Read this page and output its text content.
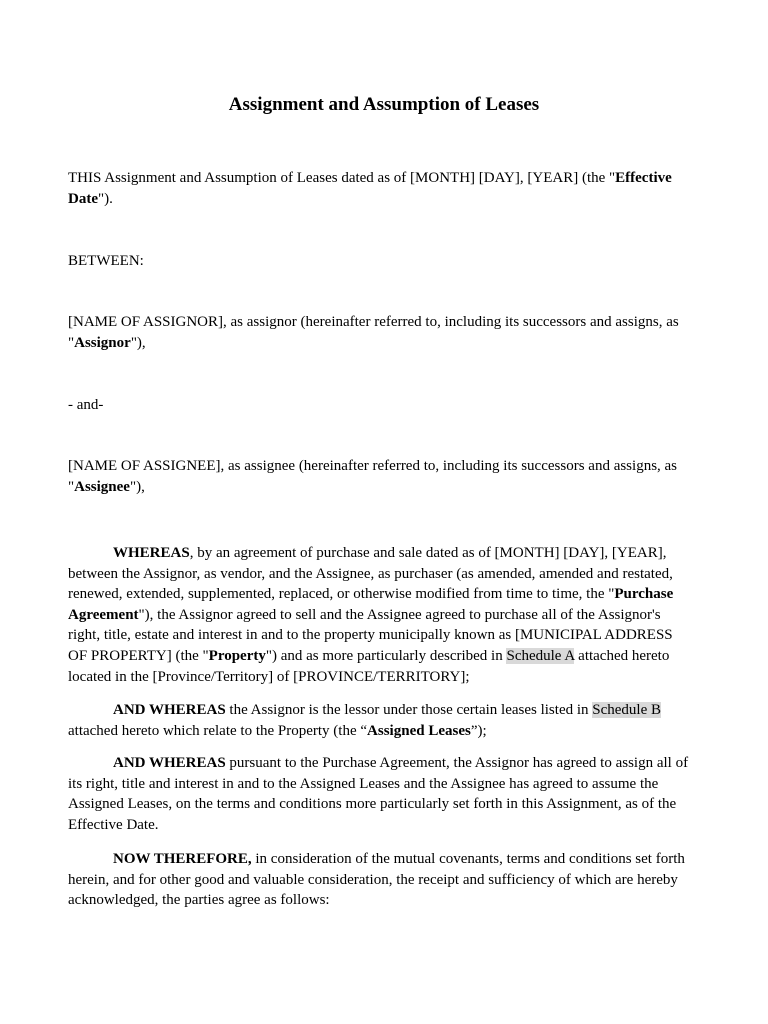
Assignment and Assumption of Leases

THIS Assignment and Assumption of Leases dated as of [MONTH] [DAY], [YEAR] (the "Effective Date").

BETWEEN:

[NAME OF ASSIGNOR], as assignor (hereinafter referred to, including its successors and assigns, as "Assignor"),

- and-

[NAME OF ASSIGNEE], as assignee (hereinafter referred to, including its successors and assigns, as "Assignee"),

WHEREAS, by an agreement of purchase and sale dated as of [MONTH] [DAY], [YEAR], between the Assignor, as vendor, and the Assignee, as purchaser (as amended, amended and restated, renewed, extended, supplemented, replaced, or otherwise modified from time to time, the "Purchase Agreement"), the Assignor agreed to sell and the Assignee agreed to purchase all of the Assignor's right, title, estate and interest in and to the property municipally known as [MUNICIPAL ADDRESS OF PROPERTY] (the "Property") and as more particularly described in Schedule A attached hereto located in the [Province/Territory] of [PROVINCE/TERRITORY];

AND WHEREAS the Assignor is the lessor under those certain leases listed in Schedule B attached hereto which relate to the Property (the “Assigned Leases”);

AND WHEREAS pursuant to the Purchase Agreement, the Assignor has agreed to assign all of its right, title and interest in and to the Assigned Leases and the Assignee has agreed to assume the Assigned Leases, on the terms and conditions more particularly set forth in this Assignment, as of the Effective Date.

NOW THEREFORE, in consideration of the mutual covenants, terms and conditions set forth herein, and for other good and valuable consideration, the receipt and sufficiency of which are hereby acknowledged, the parties agree as follows:
